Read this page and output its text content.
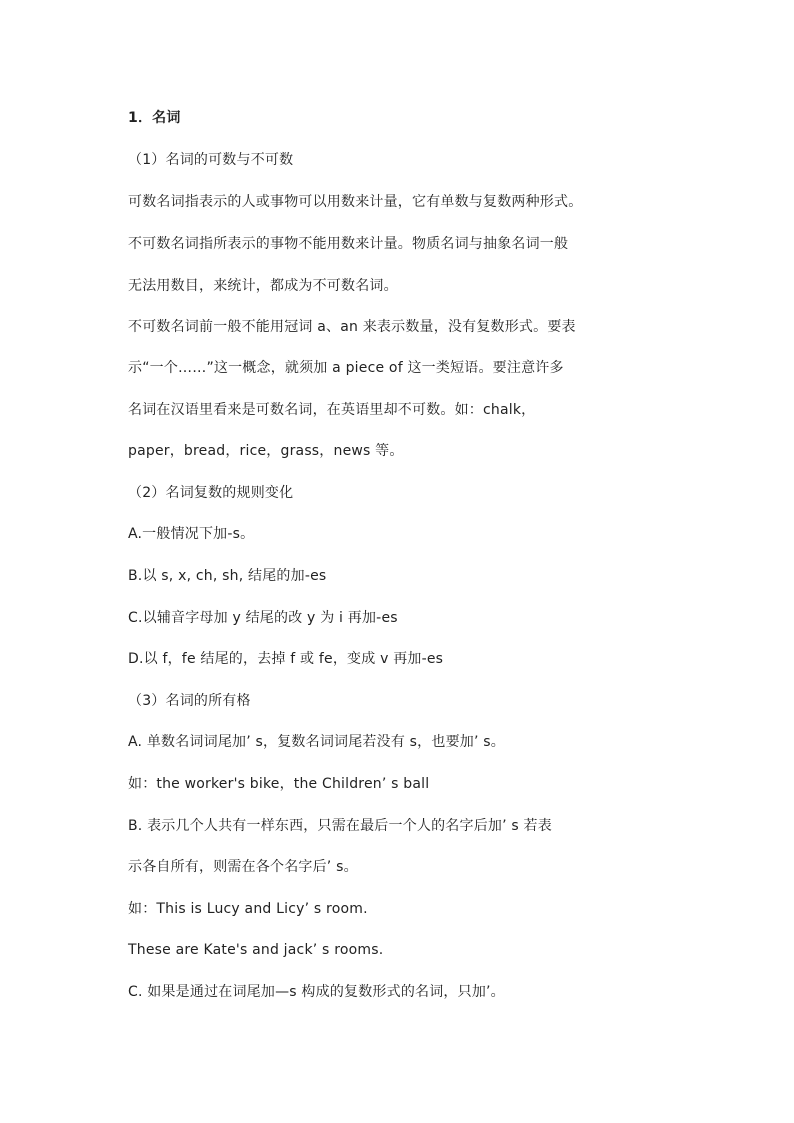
1．名词
（1）名词的可数与不可数
可数名词指表示的人或事物可以用数来计量，它有单数与复数两种形式。
不可数名词指所表示的事物不能用数来计量。物质名词与抽象名词一般
无法用数目，来统计，都成为不可数名词。
不可数名词前一般不能用冠词 a、an 来表示数量，没有复数形式。要表
示“一个……”这一概念，就须加 a piece of 这一类短语。要注意许多
名词在汉语里看来是可数名词，在英语里却不可数。如：chalk，
paper，bread，rice，grass，news 等。
（2）名词复数的规则变化
A.一般情况下加-s。
B.以 s, x, ch, sh, 结尾的加-es
C.以辅音字母加 y 结尾的改 y 为 i 再加-es
D.以 f，fe 结尾的，去掉 f 或 fe，变成 v 再加-es
（3）名词的所有格
A. 单数名词词尾加’ s，复数名词词尾若没有 s，也要加’ s。
如：the worker's bike，the Children’ s ball
B. 表示几个人共有一样东西，只需在最后一个人的名字后加’ s 若表
示各自所有，则需在各个名字后’ s。
如：This is Lucy and Licy’ s room.
These are Kate's and jack’ s rooms.
C. 如果是通过在词尾加—s 构成的复数形式的名词，只加’。
